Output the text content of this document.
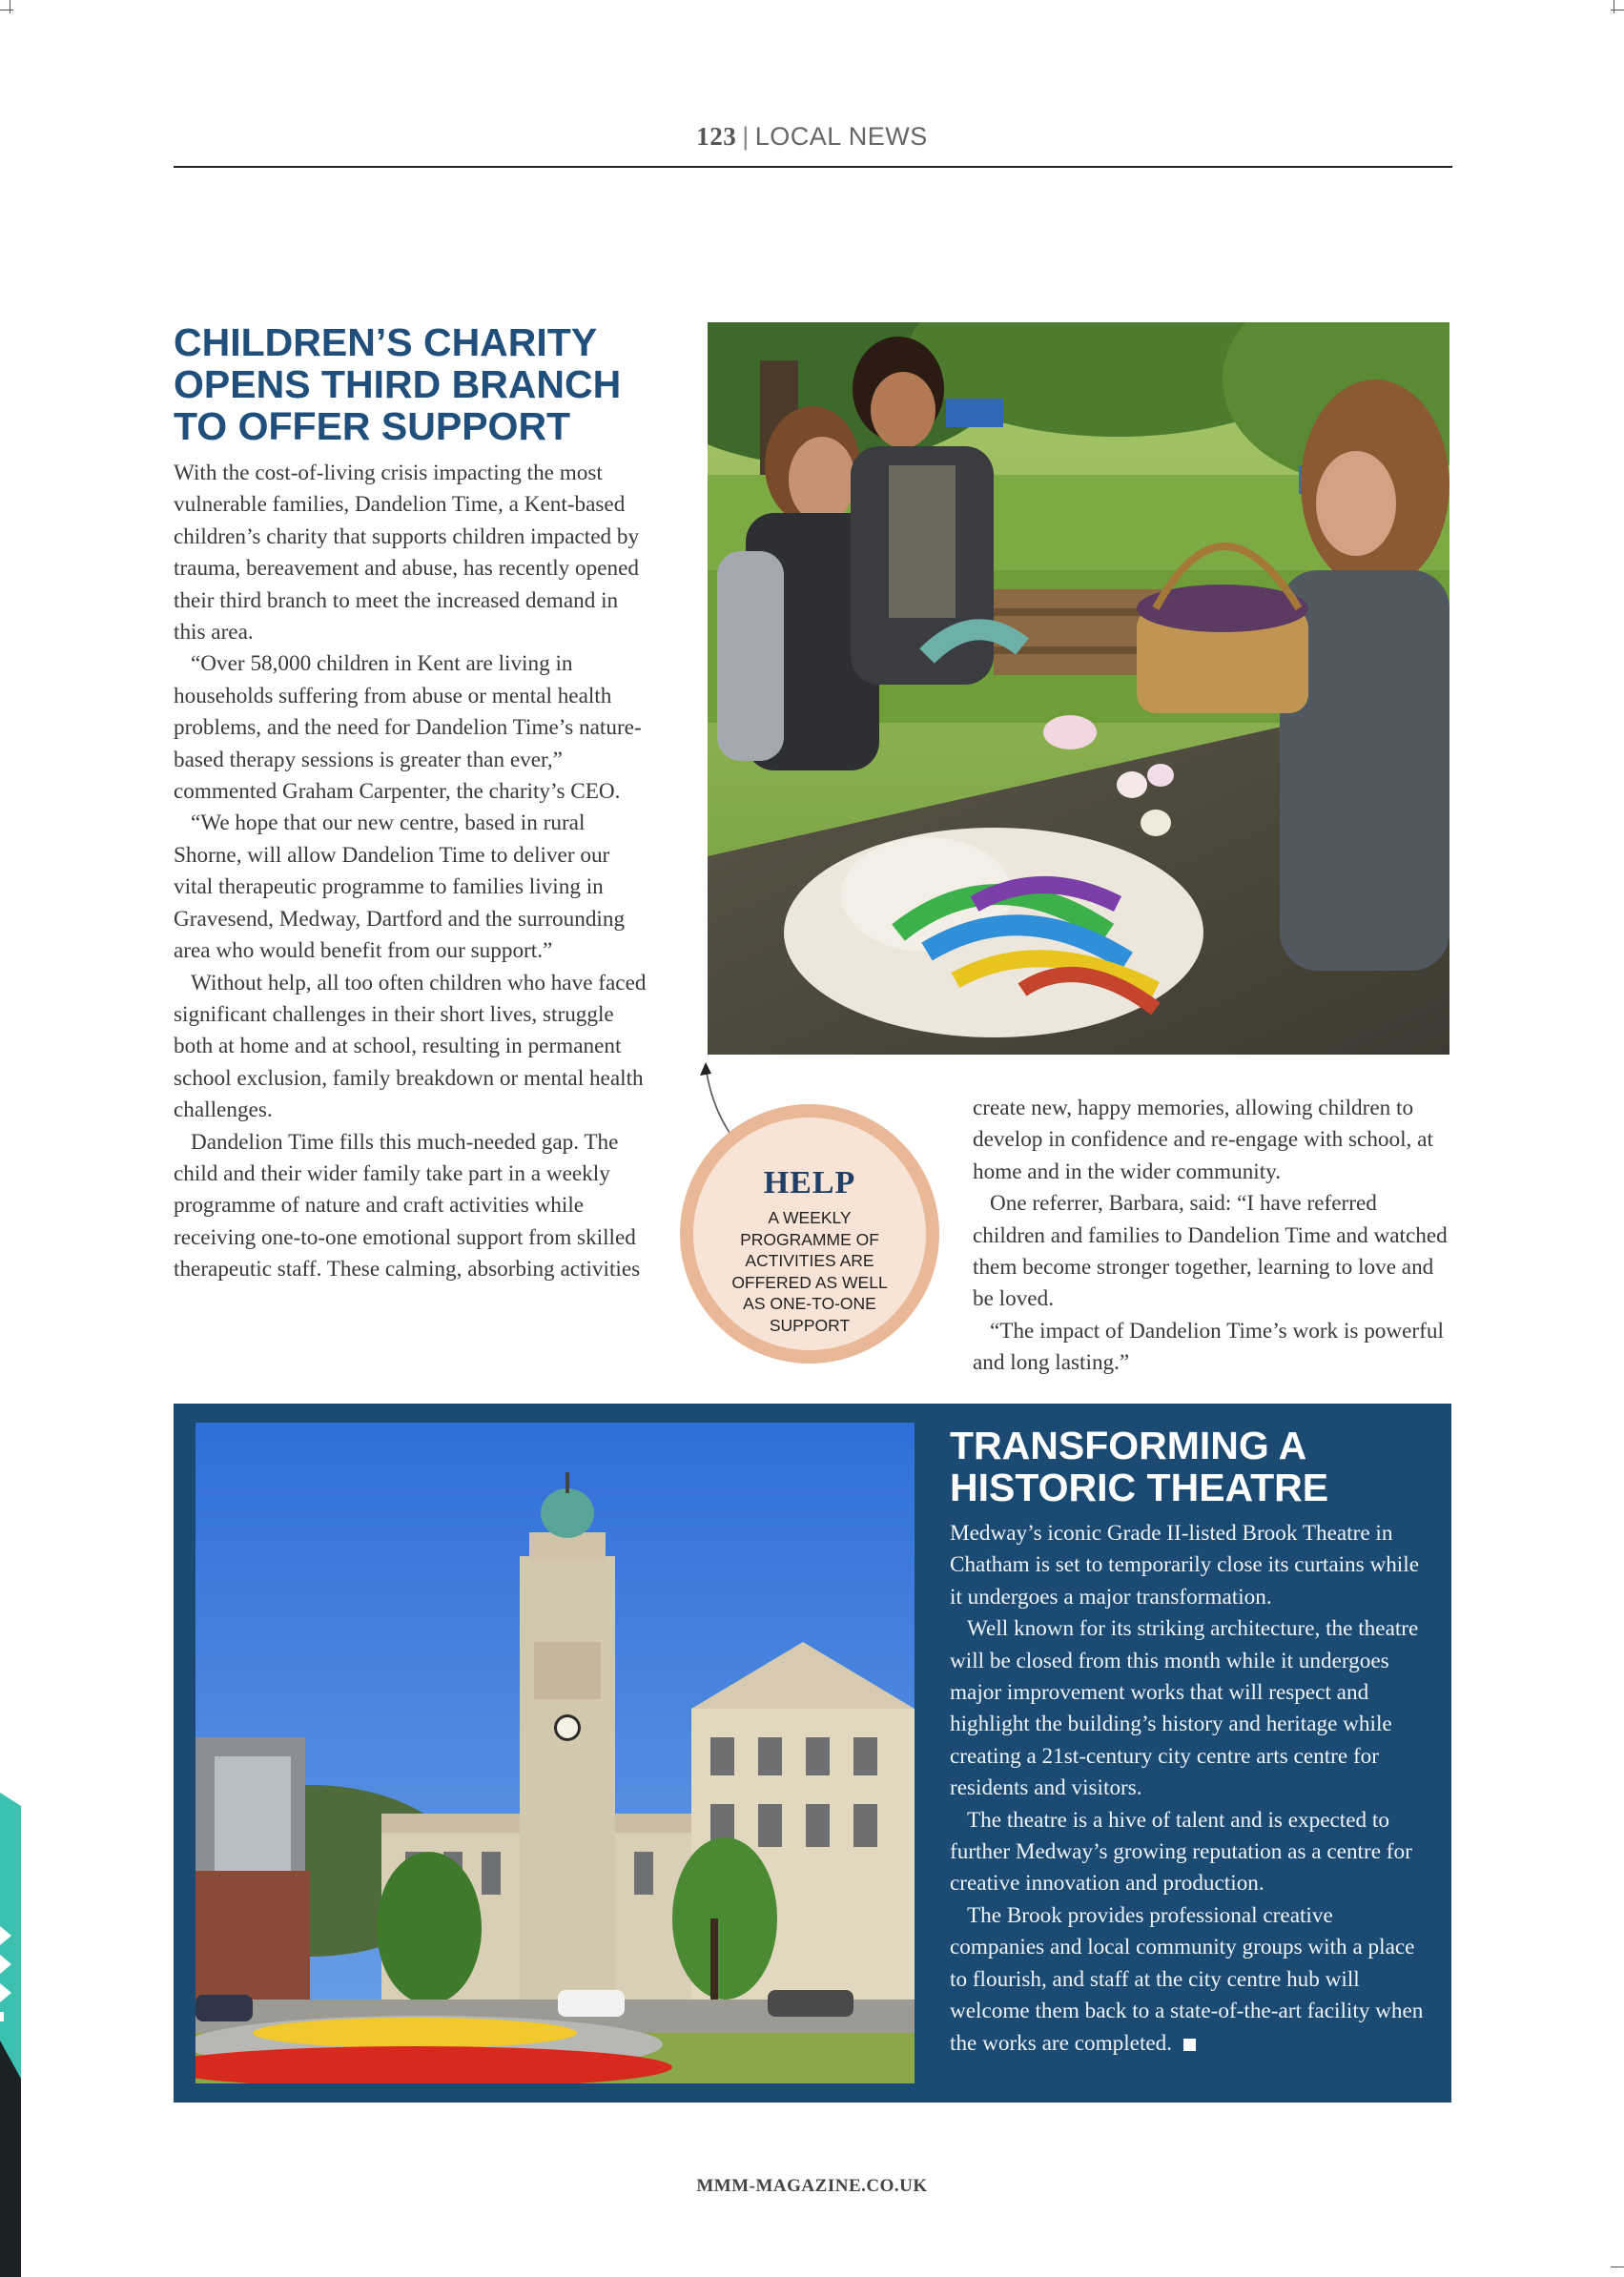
123 | LOCAL NEWS
CHILDREN’S CHARITY
OPENS THIRD BRANCH
TO OFFER SUPPORT

With the cost-of-living crisis impacting the most vulnerable families, Dandelion Time, a Kent-based children’s charity that supports children impacted by trauma, bereavement and abuse, has recently opened their third branch to meet the increased demand in this area.

“Over 58,000 children in Kent are living in households suffering from abuse or mental health problems, and the need for Dandelion Time’s nature-based therapy sessions is greater than ever,” commented Graham Carpenter, the charity’s CEO.

“We hope that our new centre, based in rural Shorne, will allow Dandelion Time to deliver our vital therapeutic programme to families living in Gravesend, Medway, Dartford and the surrounding area who would benefit from our support.”

Without help, all too often children who have faced significant challenges in their short lives, struggle both at home and at school, resulting in permanent school exclusion, family breakdown or mental health challenges.

Dandelion Time fills this much-needed gap. The child and their wider family take part in a weekly programme of nature and craft activities while receiving one-to-one emotional support from skilled therapeutic staff. These calming, absorbing activities

HELP
A WEEKLY PROGRAMME OF ACTIVITIES ARE OFFERED AS WELL AS ONE-TO-ONE SUPPORT

create new, happy memories, allowing children to develop in confidence and re-engage with school, at home and in the wider community.

One referrer, Barbara, said: “I have referred children and families to Dandelion Time and watched them become stronger together, learning to love and be loved.

“The impact of Dandelion Time’s work is powerful and long lasting.”

TRANSFORMING A
HISTORIC THEATRE

Medway’s iconic Grade II-listed Brook Theatre in Chatham is set to temporarily close its curtains while it undergoes a major transformation.

Well known for its striking architecture, the theatre will be closed from this month while it undergoes major improvement works that will respect and highlight the building’s history and heritage while creating a 21st-century city centre arts centre for residents and visitors.

The theatre is a hive of talent and is expected to further Medway’s growing reputation as a centre for creative innovation and production.

The Brook provides professional creative companies and local community groups with a place to flourish, and staff at the city centre hub will welcome them back to a state-of-the-art facility when the works are completed.

MMM-MAGAZINE.CO.UK
